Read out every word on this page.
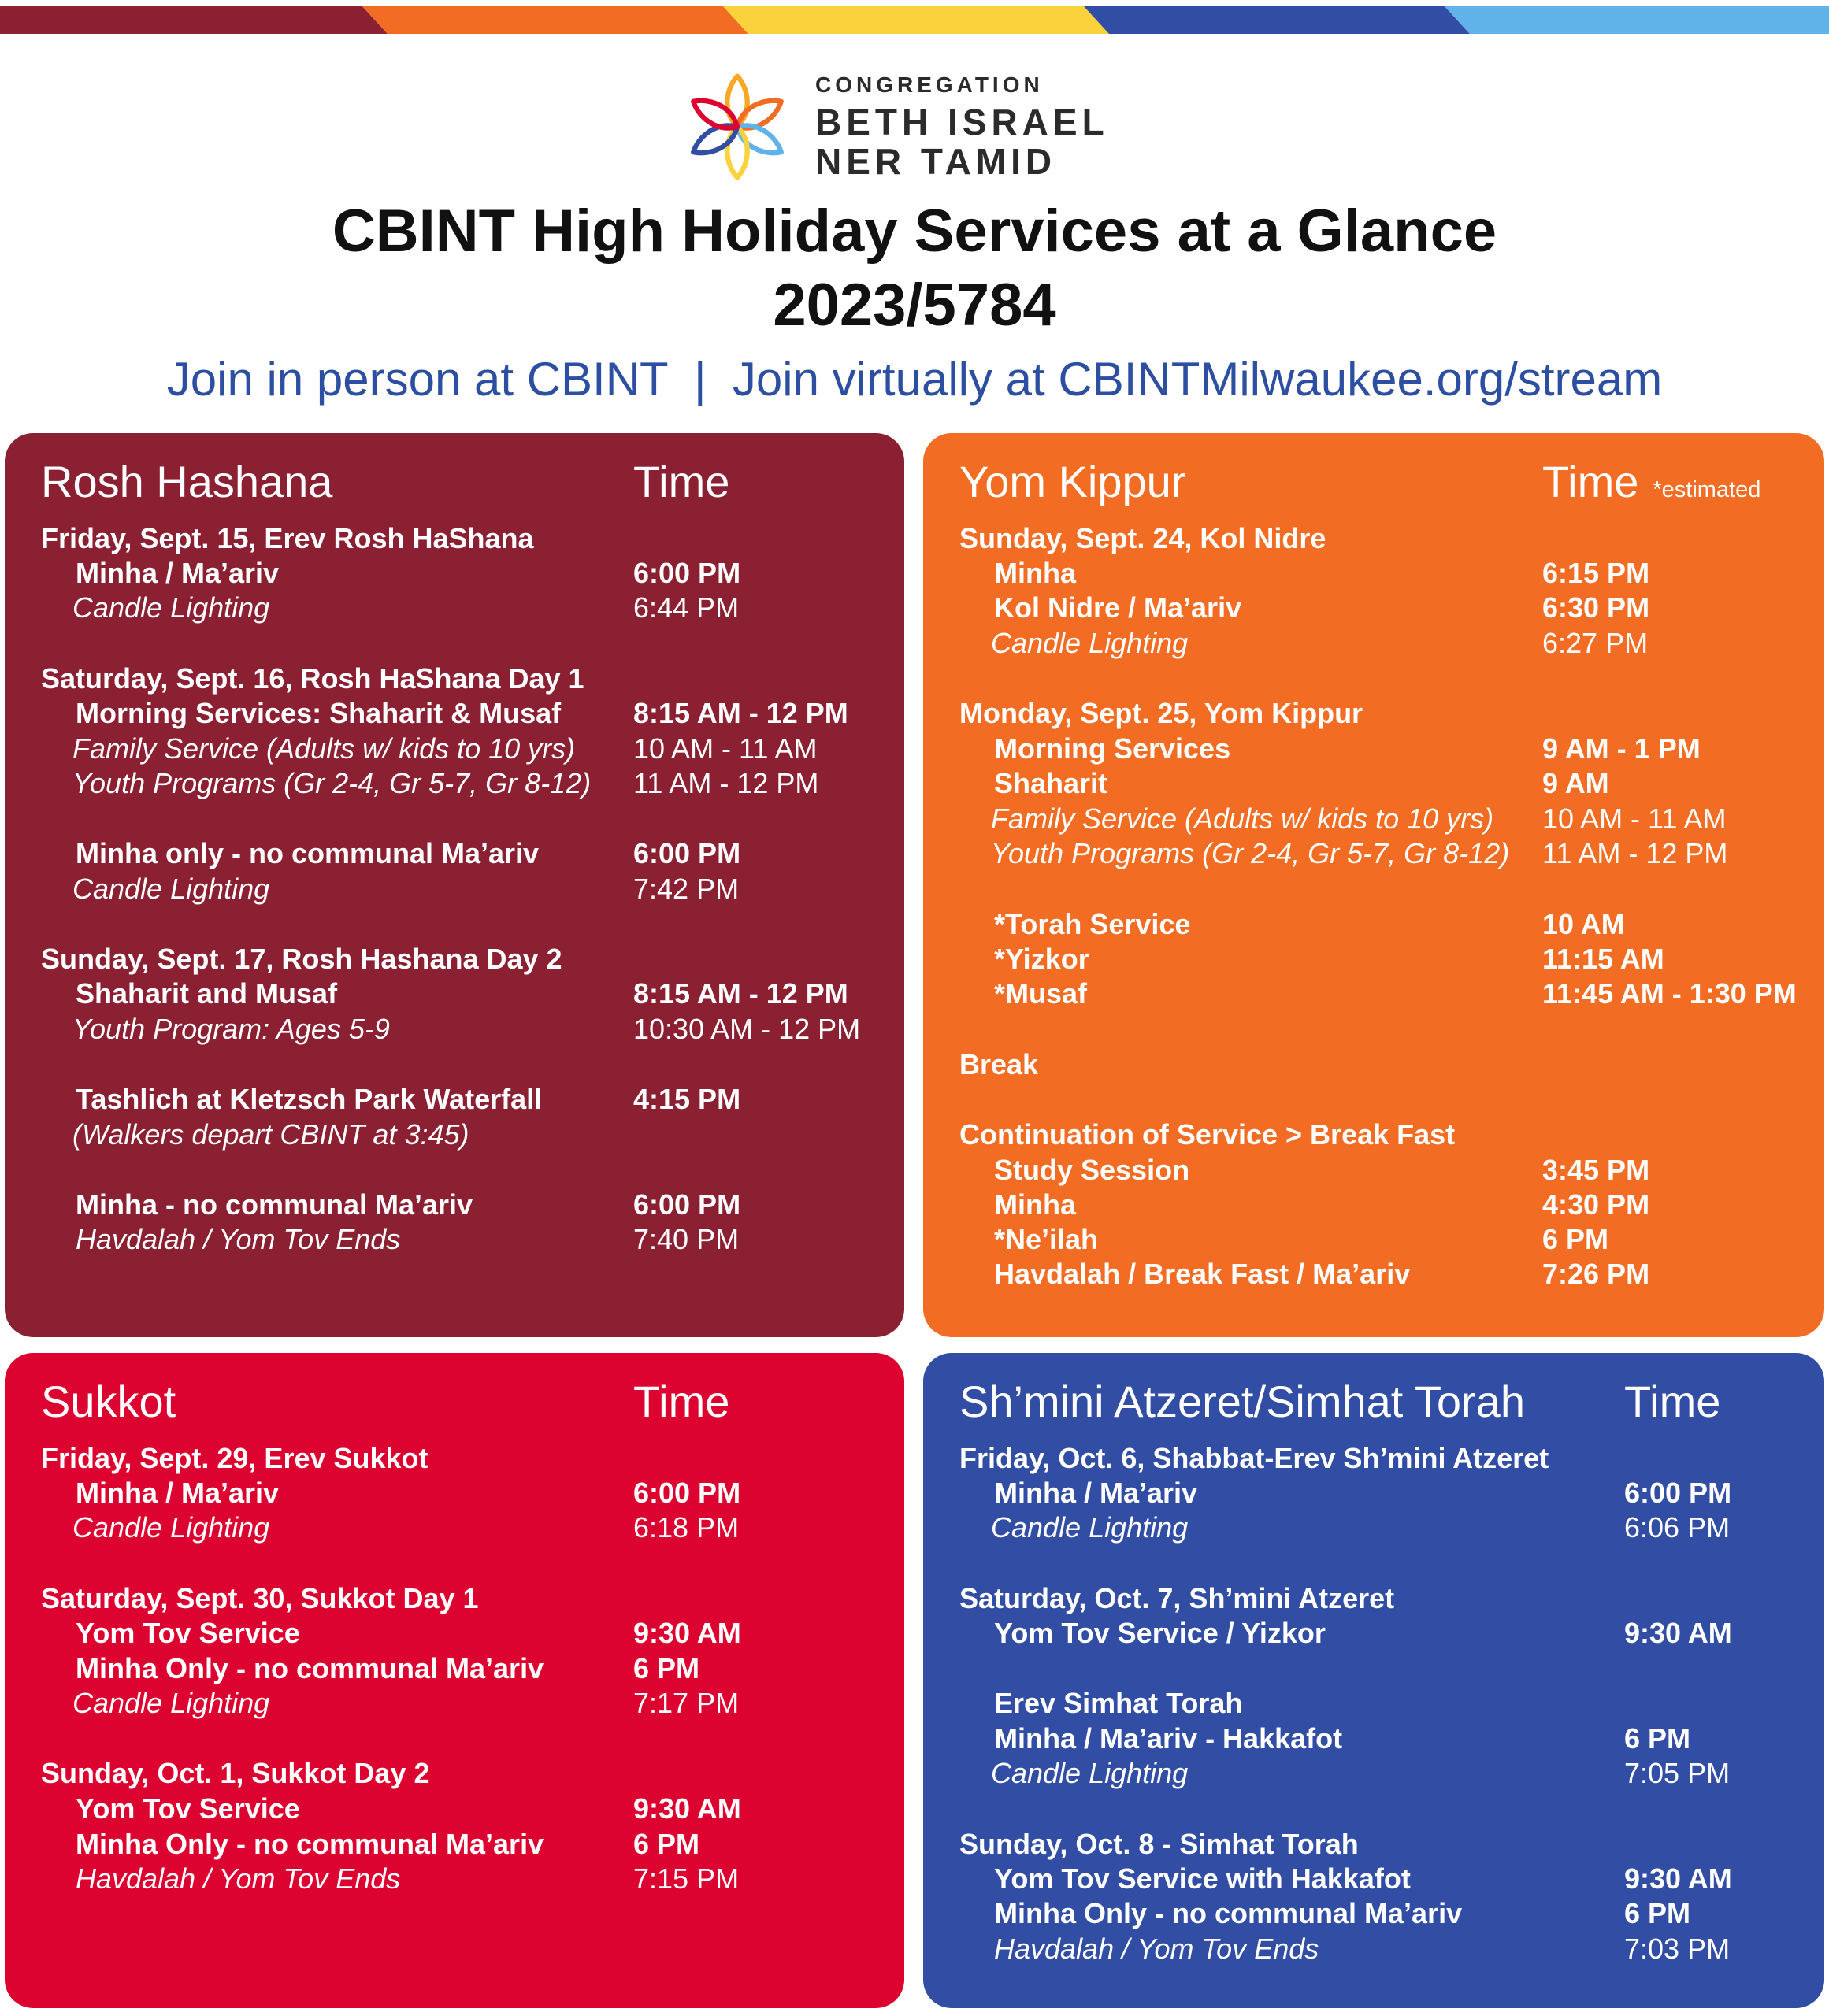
CONGREGATION
BETH ISRAEL
NER TAMID
CBINT High Holiday Services at a Glance
2023/5784
Join in person at CBINT  |  Join virtually at CBINTMilwaukee.org/stream
Rosh Hashana	Time
Friday, Sept. 15, Erev Rosh HaShana
Minha / Ma’ariv	6:00 PM
Candle Lighting	6:44 PM
Saturday, Sept. 16, Rosh HaShana Day 1
Morning Services: Shaharit & Musaf	8:15 AM - 12 PM
Family Service (Adults w/ kids to 10 yrs) 10 AM - 11 AM
Youth Programs (Gr 2-4, Gr 5-7, Gr 8-12) 11 AM - 12 PM
Minha only - no communal Ma’ariv	6:00 PM
Candle Lighting	7:42 PM
Sunday, Sept. 17, Rosh Hashana Day 2
Shaharit and Musaf	8:15 AM - 12 PM
Youth Program: Ages 5-9	10:30 AM - 12 PM
Tashlich at Kletzsch Park Waterfall	4:15 PM
(Walkers depart CBINT at 3:45)
Minha - no communal Ma’ariv	6:00 PM
Havdalah / Yom Tov Ends	7:40 PM
Yom Kippur	Time *estimated
Sunday, Sept. 24, Kol Nidre
Minha	6:15 PM
Kol Nidre / Ma’ariv	6:30 PM
Candle Lighting	6:27 PM
Monday, Sept. 25, Yom Kippur
Morning Services	9 AM - 1 PM
Shaharit	9 AM
Family Service (Adults w/ kids to 10 yrs) 10 AM - 11 AM
Youth Programs (Gr 2-4, Gr 5-7, Gr 8-12) 11 AM - 12 PM
*Torah Service	10 AM
*Yizkor	11:15 AM
*Musaf	11:45 AM - 1:30 PM
Break
Continuation of Service > Break Fast
Study Session	3:45 PM
Minha	4:30 PM
*Ne’ilah	6 PM
Havdalah / Break Fast / Ma’ariv	7:26 PM
Sukkot	Time
Friday, Sept. 29, Erev Sukkot
Minha / Ma’ariv	6:00 PM
Candle Lighting	6:18 PM
Saturday, Sept. 30, Sukkot Day 1
Yom Tov Service	9:30 AM
Minha Only - no communal Ma’ariv	6 PM
Candle Lighting	7:17 PM
Sunday, Oct. 1, Sukkot Day 2
Yom Tov Service	9:30 AM
Minha Only - no communal Ma’ariv	6 PM
Havdalah / Yom Tov Ends	7:15 PM
Sh’mini Atzeret/Simhat Torah Time
Friday, Oct. 6, Shabbat-Erev Sh’mini Atzeret
Minha / Ma’ariv	6:00 PM
Candle Lighting	6:06 PM
Saturday, Oct. 7, Sh’mini Atzeret
Yom Tov Service / Yizkor	9:30 AM
Erev Simhat Torah
Minha / Ma’ariv - Hakkafot	6 PM
Candle Lighting	7:05 PM
Sunday, Oct. 8 - Simhat Torah
Yom Tov Service with Hakkafot	9:30 AM
Minha Only - no communal Ma’ariv	6 PM
Havdalah / Yom Tov Ends	7:03 PM
